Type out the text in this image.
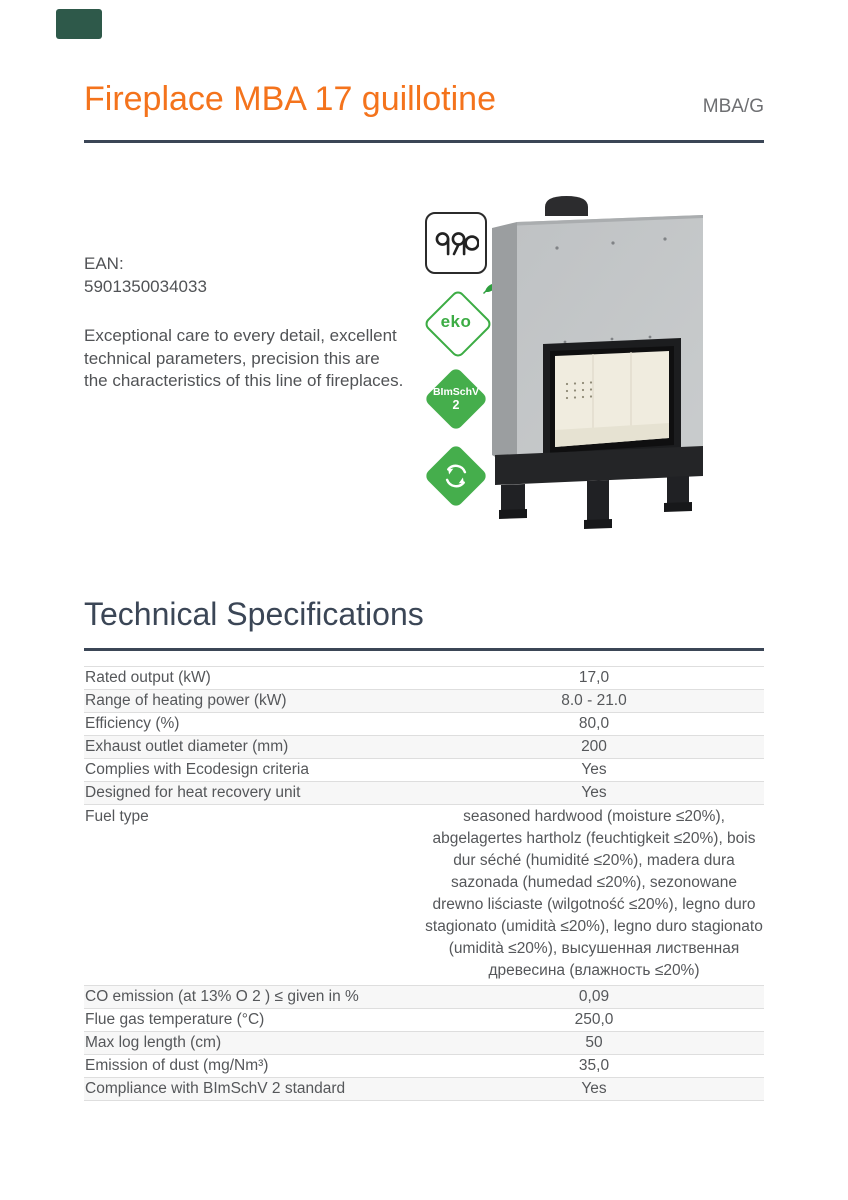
Fireplace MBA 17 guillotine	MBA/G
EAN:
5901350034033
Exceptional care to every detail, excellent technical parameters, precision this are the characteristics of this line of fireplaces.
eko
BImSchV
2
Technical Specifications
Rated output (kW)	17,0
Range of heating power (kW)	8.0 - 21.0
Efficiency (%)	80,0
Exhaust outlet diameter (mm)	200
Complies with Ecodesign criteria	Yes
Designed for heat recovery unit	Yes
Fuel type	seasoned hardwood (moisture ≤20%), abgelagertes hartholz (feuchtigkeit ≤20%), bois dur séché (humidité ≤20%), madera dura sazonada (humedad ≤20%), sezonowane drewno liściaste (wilgotność ≤20%), legno duro stagionato (umidità ≤20%), legno duro stagionato (umidità ≤20%), высушенная лиственная древесина (влажность ≤20%)
CO emission (at 13% O 2 ) ≤ given in %	0,09
Flue gas temperature (°C)	250,0
Max log length (cm)	50
Emission of dust (mg/Nm³)	35,0
Compliance with BImSchV 2 standard	Yes
